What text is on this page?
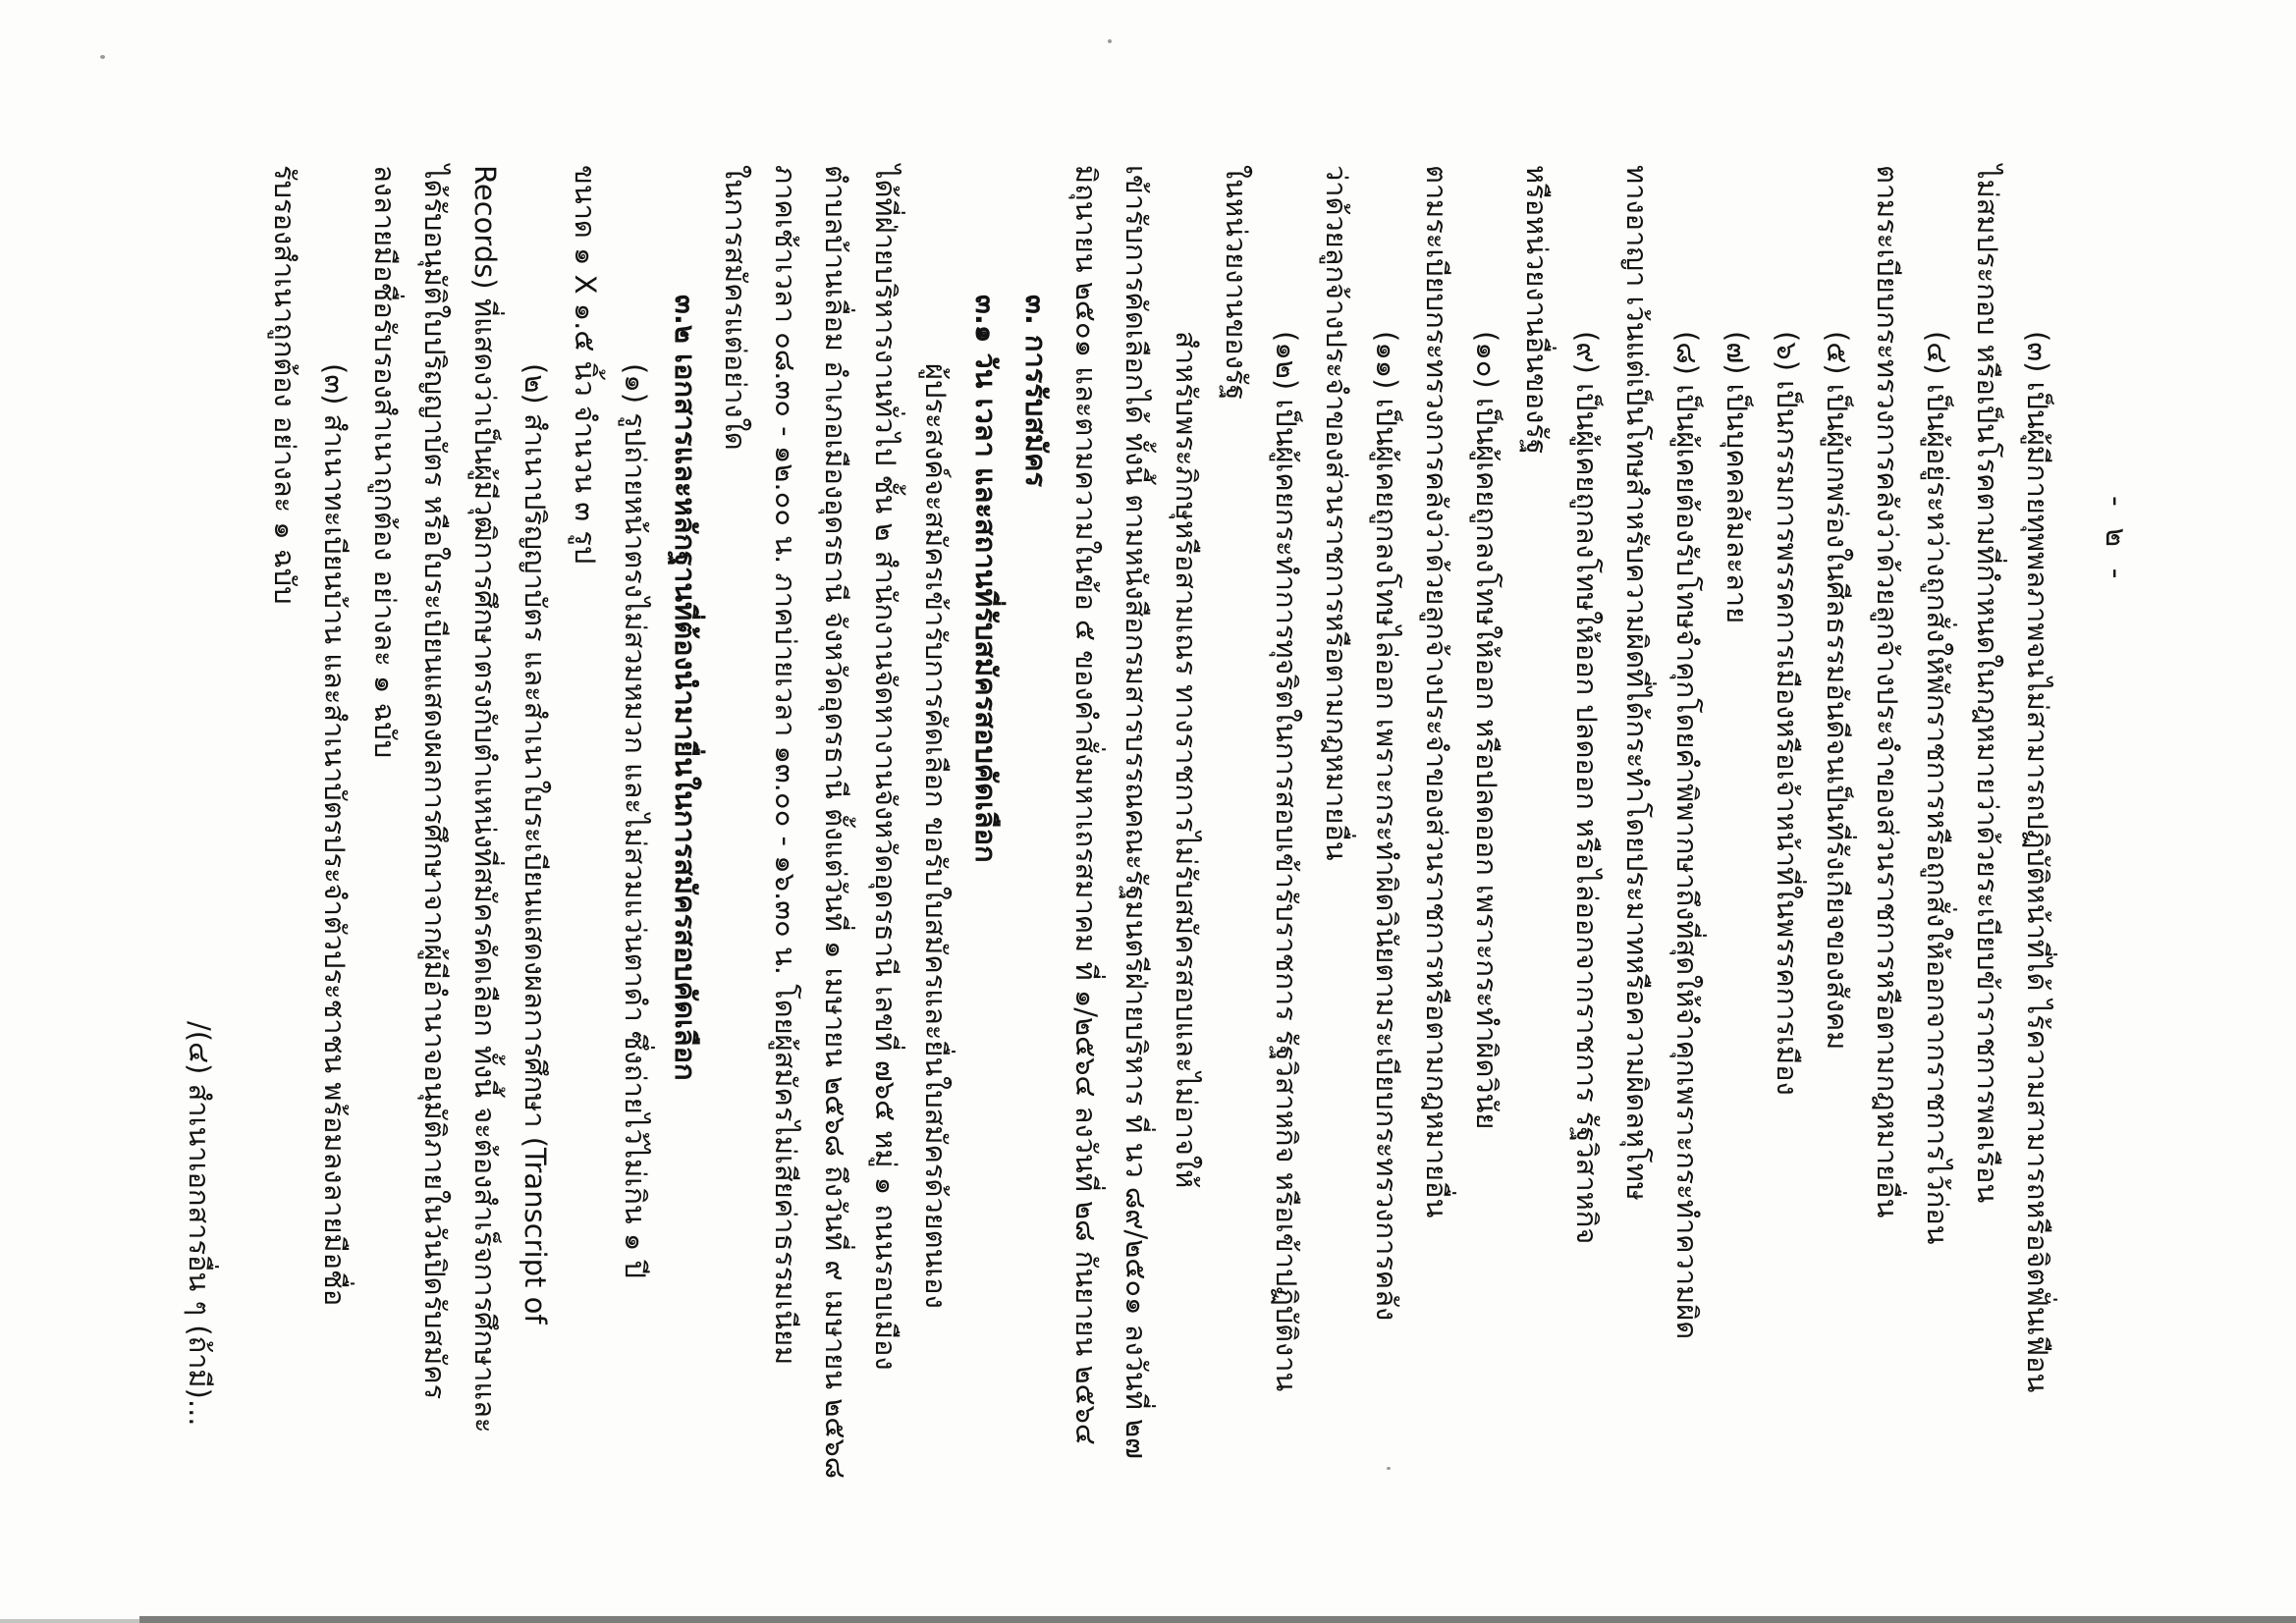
- ๒ -
(๓) เป็นผู้มีกายทุพพลภาพจนไม่สามารถปฏิบัติหน้าที่ได้ ไร้ความสามารถหรือจิตฟั่นเฟือน
ไม่สมประกอบ หรือเป็นโรคตามที่กำหนดในกฎหมายว่าด้วยระเบียบข้าราชการพลเรือน
(๔) เป็นผู้อยู่ระหว่างถูกสั่งให้พักราชการหรือถูกสั่งให้ออกจากราชการไว้ก่อน
ตามระเบียบกระทรวงการคลังว่าด้วยลูกจ้างประจำของส่วนราชการหรือตามกฎหมายอื่น
(๕) เป็นผู้บกพร่องในศีลธรรมอันดีจนเป็นที่รังเกียจของสังคม
(๖) เป็นกรรมการพรรคการเมืองหรือเจ้าหน้าที่ในพรรคการเมือง
(๗) เป็นบุคคลล้มละลาย
(๘) เป็นผู้เคยต้องรับโทษจำคุกโดยคำพิพากษาถึงที่สุดให้จำคุกเพราะกระทำความผิด
ทางอาญา เว้นแต่เป็นโทษสำหรับความผิดที่ได้กระทำโดยประมาทหรือความผิดลหุโทษ
(๙) เป็นผู้เคยถูกลงโทษให้ออก ปลดออก หรือไล่ออกจากราชการ รัฐวิสาหกิจ
หรือหน่วยงานอื่นของรัฐ
(๑๐) เป็นผู้เคยถูกลงโทษให้ออก หรือปลดออก เพราะกระทำผิดวินัย
ตามระเบียบกระทรวงการคลังว่าด้วยลูกจ้างประจำของส่วนราชการหรือตามกฎหมายอื่น
(๑๑) เป็นผู้เคยถูกลงโทษไล่ออก เพราะกระทำผิดวินัยตามระเบียบกระทรวงการคลัง
ว่าด้วยลูกจ้างประจำของส่วนราชการหรือตามกฎหมายอื่น
(๑๒) เป็นผู้เคยกระทำการทุจริตในการสอบเข้ารับราชการ รัฐวิสาหกิจ หรือเข้าปฏิบัติงาน
ในหน่วยงานของรัฐ
สำหรับพระภิกษุหรือสามเณร ทางราชการไม่รับสมัครสอบและไม่อาจให้
เข้ารับการคัดเลือกได้ ทั้งนี้ ตามหนังสือกรมสารบรรณคณะรัฐมนตรีฝ่ายบริหาร ที่ นว ๘๙/๒๕๐๑ ลงวันที่ ๒๗
มิถุนายน ๒๕๐๑ และตามความในข้อ ๕ ของคำสั่งมหาเถรสมาคม ที่ ๑/๒๕๖๔ ลงวันที่ ๒๘ กันยายน ๒๕๖๔
๓. การรับสมัคร
๓.๑ วัน เวลา และสถานที่รับสมัครสอบคัดเลือก
ผู้ประสงค์จะสมัครเข้ารับการคัดเลือก ขอรับใบสมัครและยื่นใบสมัครด้วยตนเอง
ได้ที่ฝ่ายบริหารงานทั่วไป ชั้น ๒ สำนักงานจัดหางานจังหวัดอุดรธานี เลขที่ ๗๖๕ หมู่ ๑ ถนนรอบเมือง
ตำบลบ้านเลื่อม อำเภอเมืองอุดรธานี จังหวัดอุดรธานี ตั้งแต่วันที่ ๑ เมษายน ๒๕๖๘ ถึงวันที่ ๙ เมษายน ๒๕๖๘
ภาคเช้าเวลา ๐๘.๓๐ - ๑๒.๐๐ น. ภาคบ่ายเวลา ๑๓.๐๐ - ๑๖.๓๐ น. โดยผู้สมัครไม่เสียค่าธรรมเนียม
ในการสมัครแต่อย่างใด
๓.๒ เอกสารและหลักฐานที่ต้องนำมายื่นในการสมัครสอบคัดเลือก
(๑) รูปถ่ายหน้าตรงไม่สวมหมวก และไม่สวมแว่นตาดำ ซึ่งถ่ายไว้ไม่เกิน ๑ ปี
ขนาด ๑ X ๑.๕ นิ้ว จำนวน ๓ รูป
(๒) สำเนาปริญญาบัตร และสำเนาใบระเบียนแสดงผลการศึกษา (Transcript of
Records) ที่แสดงว่าเป็นผู้มีวุฒิการศึกษาตรงกับตำแหน่งที่สมัครคัดเลือก ทั้งนี้ จะต้องสำเร็จการศึกษาและ
ได้รับอนุมัติใบปริญญาบัตร หรือใบระเบียนแสดงผลการศึกษาจากผู้มีอำนาจอนุมัติภายในวันปิดรับสมัคร
ลงลายมือชื่อรับรองสำเนาถูกต้อง อย่างละ ๑ ฉบับ
(๓) สำเนาทะเบียนบ้าน และสำเนาบัตรประจำตัวประชาชน พร้อมลงลายมือชื่อ
รับรองสำเนาถูกต้อง อย่างละ ๑ ฉบับ
/(๔) สำเนาเอกสารอื่น ๆ (ถ้ามี)...
